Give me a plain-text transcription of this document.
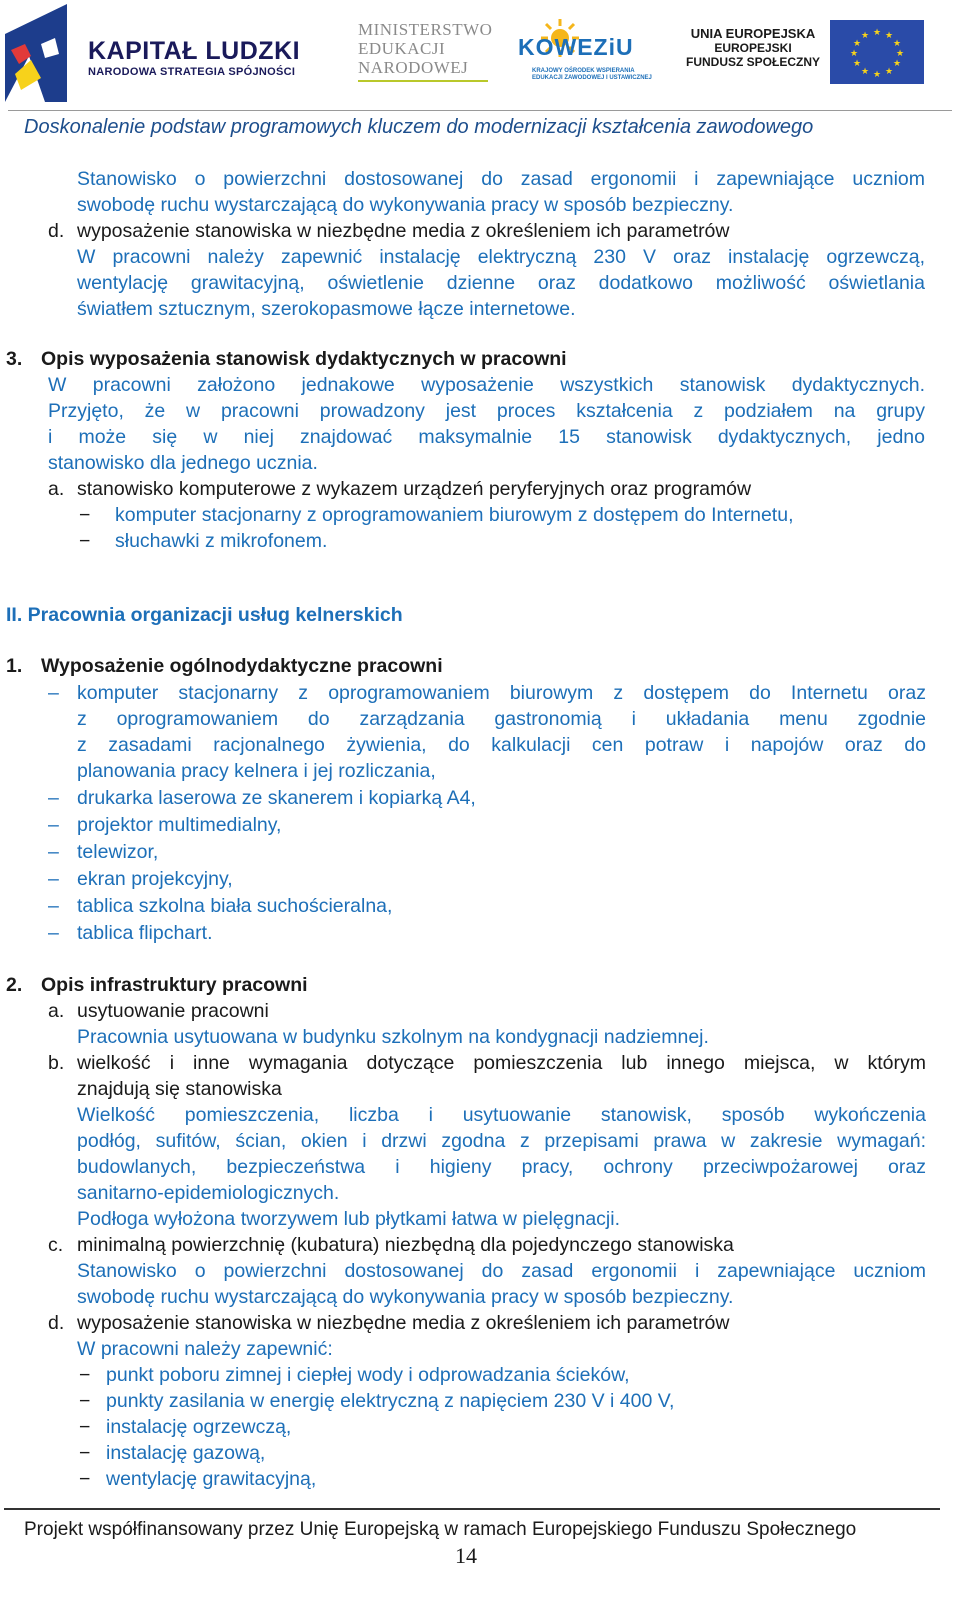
KAPITAŁ LUDZKI
NARODOWA STRATEGIA SPÓJNOŚCI
MINISTERSTWO
EDUKACJI
NARODOWEJ
KOWEZiU
KRAJOWY OŚRODEK WSPIERANIA
EDUKACJI ZAWODOWEJ I USTAWICZNEJ
UNIA EUROPEJSKA
EUROPEJSKI
FUNDUSZ SPOŁECZNY
★ ★
★
★
★
★
★
★
★
★
★
★
Doskonalenie podstaw programowych kluczem do modernizacji kształcenia zawodowego
Stanowisko o powierzchni dostosowanej do zasad ergonomii i zapewniające uczniom
swobodę ruchu wystarczającą do wykonywania pracy w sposób bezpieczny.
d. wyposażenie stanowiska w niezbędne media z określeniem ich parametrów
W pracowni należy zapewnić instalację elektryczną 230 V oraz instalację ogrzewczą,
wentylację grawitacyjną, oświetlenie dzienne oraz dodatkowo możliwość oświetlania
światłem sztucznym, szerokopasmowe łącze internetowe.
3. Opis wyposażenia stanowisk dydaktycznych w pracowni
W pracowni założono jednakowe wyposażenie wszystkich stanowisk dydaktycznych.
Przyjęto, że w pracowni prowadzony jest proces kształcenia z podziałem na grupy
i może się w niej znajdować maksymalnie 15 stanowisk dydaktycznych, jedno
stanowisko dla jednego ucznia.
a. stanowisko komputerowe z wykazem urządzeń peryferyjnych oraz programów
− komputer stacjonarny z oprogramowaniem biurowym z dostępem do Internetu,
− słuchawki z mikrofonem.
II. Pracownia organizacji usług kelnerskich
1. Wyposażenie ogólnodydaktyczne pracowni
– komputer stacjonarny z oprogramowaniem biurowym z dostępem do Internetu oraz
z oprogramowaniem do zarządzania gastronomią i układania menu zgodnie
z zasadami racjonalnego żywienia, do kalkulacji cen potraw i napojów oraz do
planowania pracy kelnera i jej rozliczania,
– drukarka laserowa ze skanerem i kopiarką A4,
– projektor multimedialny,
– telewizor,
– ekran projekcyjny,
– tablica szkolna biała suchościeralna,
– tablica flipchart.
2. Opis infrastruktury pracowni
a. usytuowanie pracowni
Pracownia usytuowana w budynku szkolnym na kondygnacji nadziemnej.
b. wielkość i inne wymagania dotyczące pomieszczenia lub innego miejsca, w którym
znajdują się stanowiska
Wielkość pomieszczenia, liczba i usytuowanie stanowisk, sposób wykończenia
podłóg, sufitów, ścian, okien i drzwi zgodna z przepisami prawa w zakresie wymagań:
budowlanych, bezpieczeństwa i higieny pracy, ochrony przeciwpożarowej oraz
sanitarno-epidemiologicznych.
Podłoga wyłożona tworzywem lub płytkami łatwa w pielęgnacji.
c. minimalną powierzchnię (kubatura) niezbędną dla pojedynczego stanowiska
Stanowisko o powierzchni dostosowanej do zasad ergonomii i zapewniające uczniom
swobodę ruchu wystarczającą do wykonywania pracy w sposób bezpieczny.
d. wyposażenie stanowiska w niezbędne media z określeniem ich parametrów
W pracowni należy zapewnić:
− punkt poboru zimnej i ciepłej wody i odprowadzania ścieków,
− punkty zasilania w energię elektryczną z napięciem 230 V i 400 V,
− instalację ogrzewczą,
− instalację gazową,
− wentylację grawitacyjną,
Projekt współfinansowany przez Unię Europejską w ramach Europejskiego Funduszu Społecznego
14
